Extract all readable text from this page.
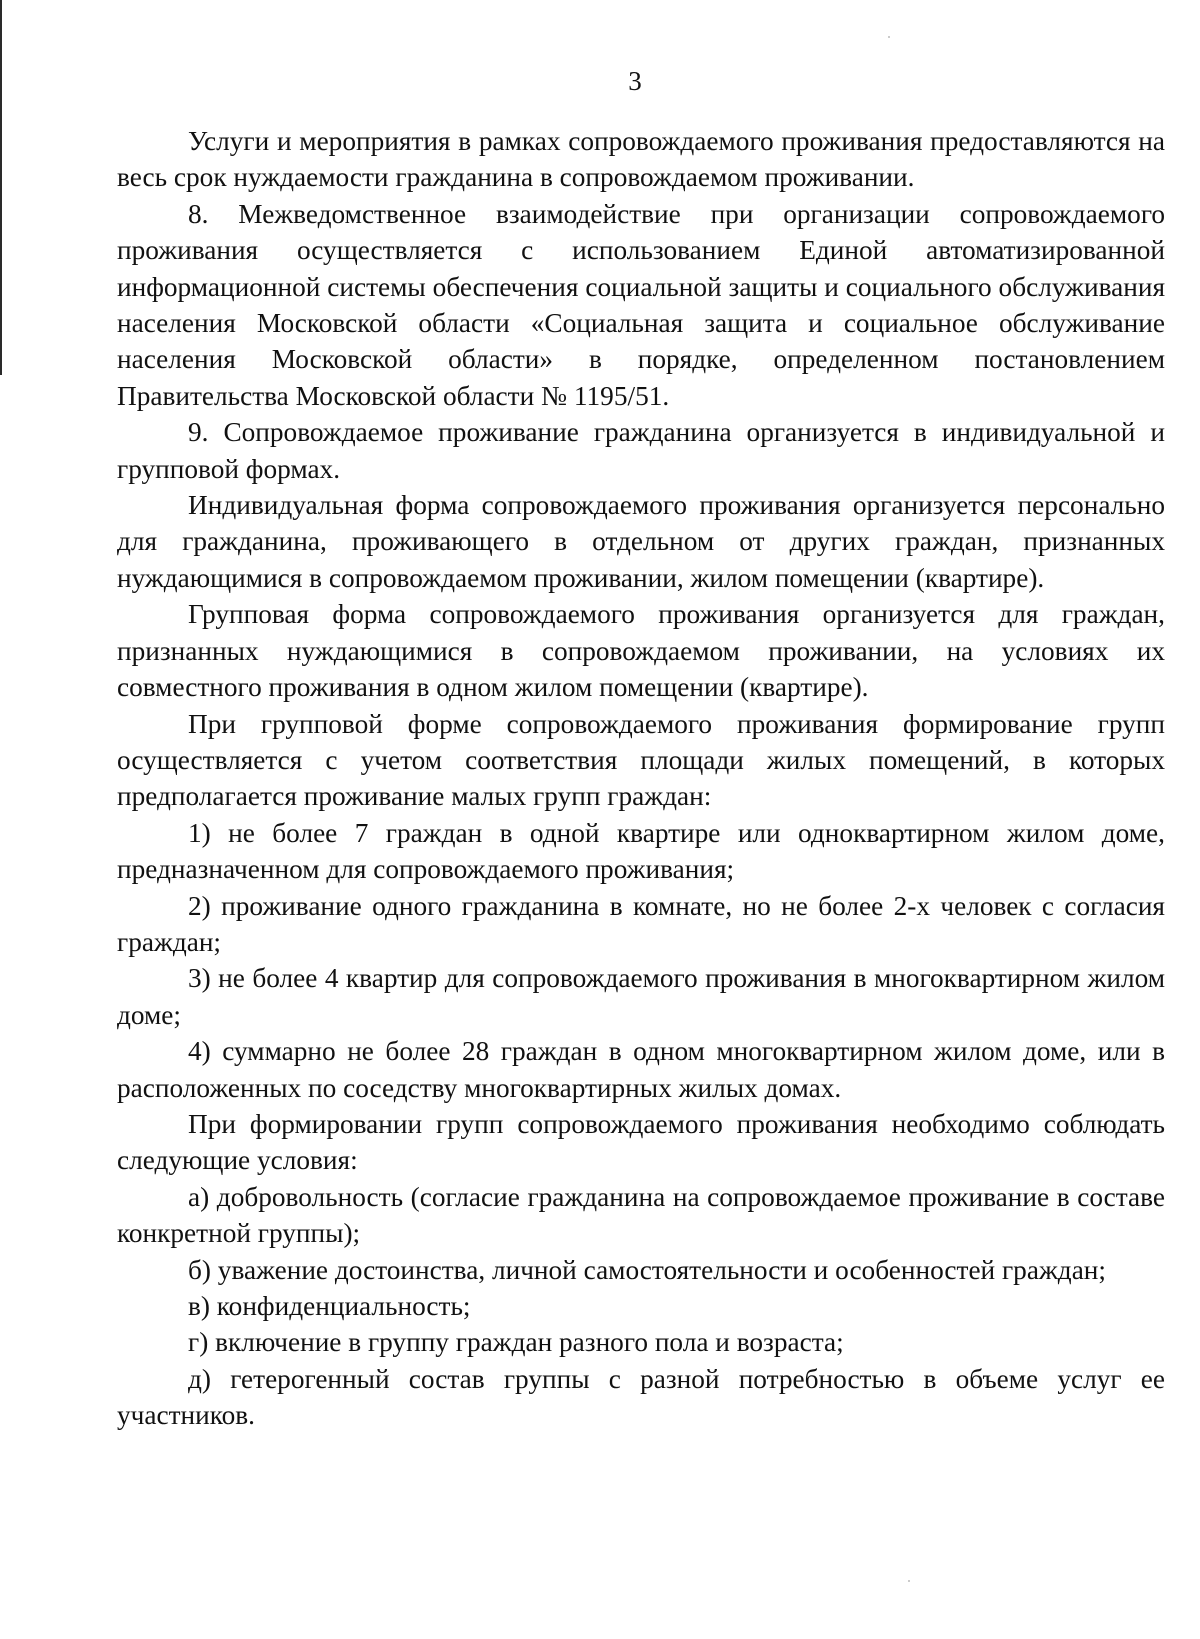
3

Услуги и мероприятия в рамках сопровождаемого проживания предоставляются на весь срок нуждаемости гражданина в сопровождаемом проживании.

8. Межведомственное взаимодействие при организации сопровождаемого проживания осуществляется с использованием Единой автоматизированной информационной системы обеспечения социальной защиты и социального обслуживания населения Московской области «Социальная защита и социальное обслуживание населения Московской области» в порядке, определенном постановлением Правительства Московской области № 1195/51.

9. Сопровождаемое проживание гражданина организуется в индивидуальной и групповой формах.

Индивидуальная форма сопровождаемого проживания организуется персонально для гражданина, проживающего в отдельном от других граждан, признанных нуждающимися в сопровождаемом проживании, жилом помещении (квартире).

Групповая форма сопровождаемого проживания организуется для граждан, признанных нуждающимися в сопровождаемом проживании, на условиях их совместного проживания в одном жилом помещении (квартире).

При групповой форме сопровождаемого проживания формирование групп осуществляется с учетом соответствия площади жилых помещений, в которых предполагается проживание малых групп граждан:

1) не более 7 граждан в одной квартире или одноквартирном жилом доме, предназначенном для сопровождаемого проживания;

2) проживание одного гражданина в комнате, но не более 2-х человек с согласия граждан;

3) не более 4 квартир для сопровождаемого проживания в многоквартирном жилом доме;

4) суммарно не более 28 граждан в одном многоквартирном жилом доме, или в расположенных по соседству многоквартирных жилых домах.

При формировании групп сопровождаемого проживания необходимо соблюдать следующие условия:

а) добровольность (согласие гражданина на сопровождаемое проживание в составе конкретной группы);

б) уважение достоинства, личной самостоятельности и особенностей граждан;

в) конфиденциальность;

г) включение в группу граждан разного пола и возраста;

д) гетерогенный состав группы с разной потребностью в объеме услуг ее участников.
